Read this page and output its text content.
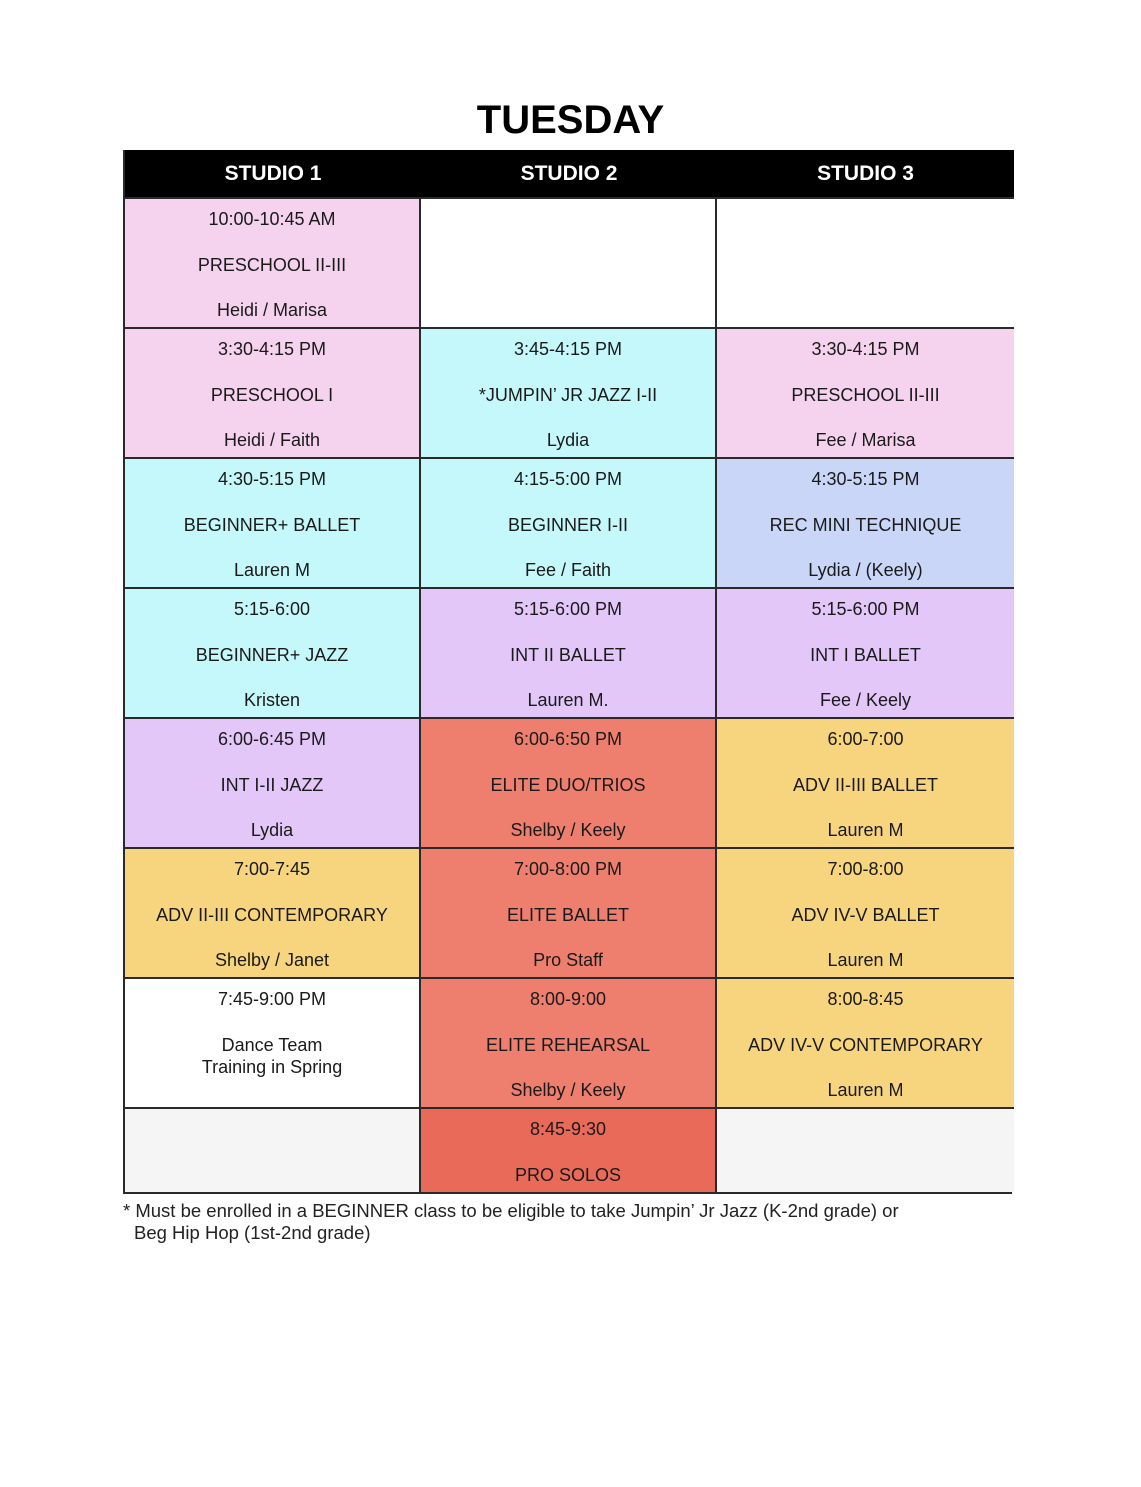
TUESDAY
STUDIO 1	STUDIO 2	STUDIO 3
10:00-10:45 AM
PRESCHOOL II-III
Heidi / Marisa
3:30-4:15 PM
PRESCHOOL I
Heidi / Faith
3:45-4:15 PM
*JUMPIN’ JR JAZZ I-II
Lydia
3:30-4:15 PM
PRESCHOOL II-III
Fee / Marisa
4:30-5:15 PM
BEGINNER+ BALLET
Lauren M
4:15-5:00 PM
BEGINNER I-II
Fee / Faith
4:30-5:15 PM
REC MINI TECHNIQUE
Lydia / (Keely)
5:15-6:00
BEGINNER+ JAZZ
Kristen
5:15-6:00 PM
INT II BALLET
Lauren M.
5:15-6:00 PM
INT I BALLET
Fee / Keely
6:00-6:45 PM
INT I-II JAZZ
Lydia
6:00-6:50 PM
ELITE DUO/TRIOS
Shelby / Keely
6:00-7:00
ADV II-III BALLET
Lauren M
7:00-7:45
ADV II-III CONTEMPORARY
Shelby / Janet
7:00-8:00 PM
ELITE BALLET
Pro Staff
7:00-8:00
ADV IV-V BALLET
Lauren M
7:45-9:00 PM
Dance Team
Training in Spring
8:00-9:00
ELITE REHEARSAL
Shelby / Keely
8:00-8:45
ADV IV-V CONTEMPORARY
Lauren M
8:45-9:30
PRO SOLOS
* Must be enrolled in a BEGINNER class to be eligible to take Jumpin’ Jr Jazz (K-2nd grade) or
Beg Hip Hop (1st-2nd grade)
